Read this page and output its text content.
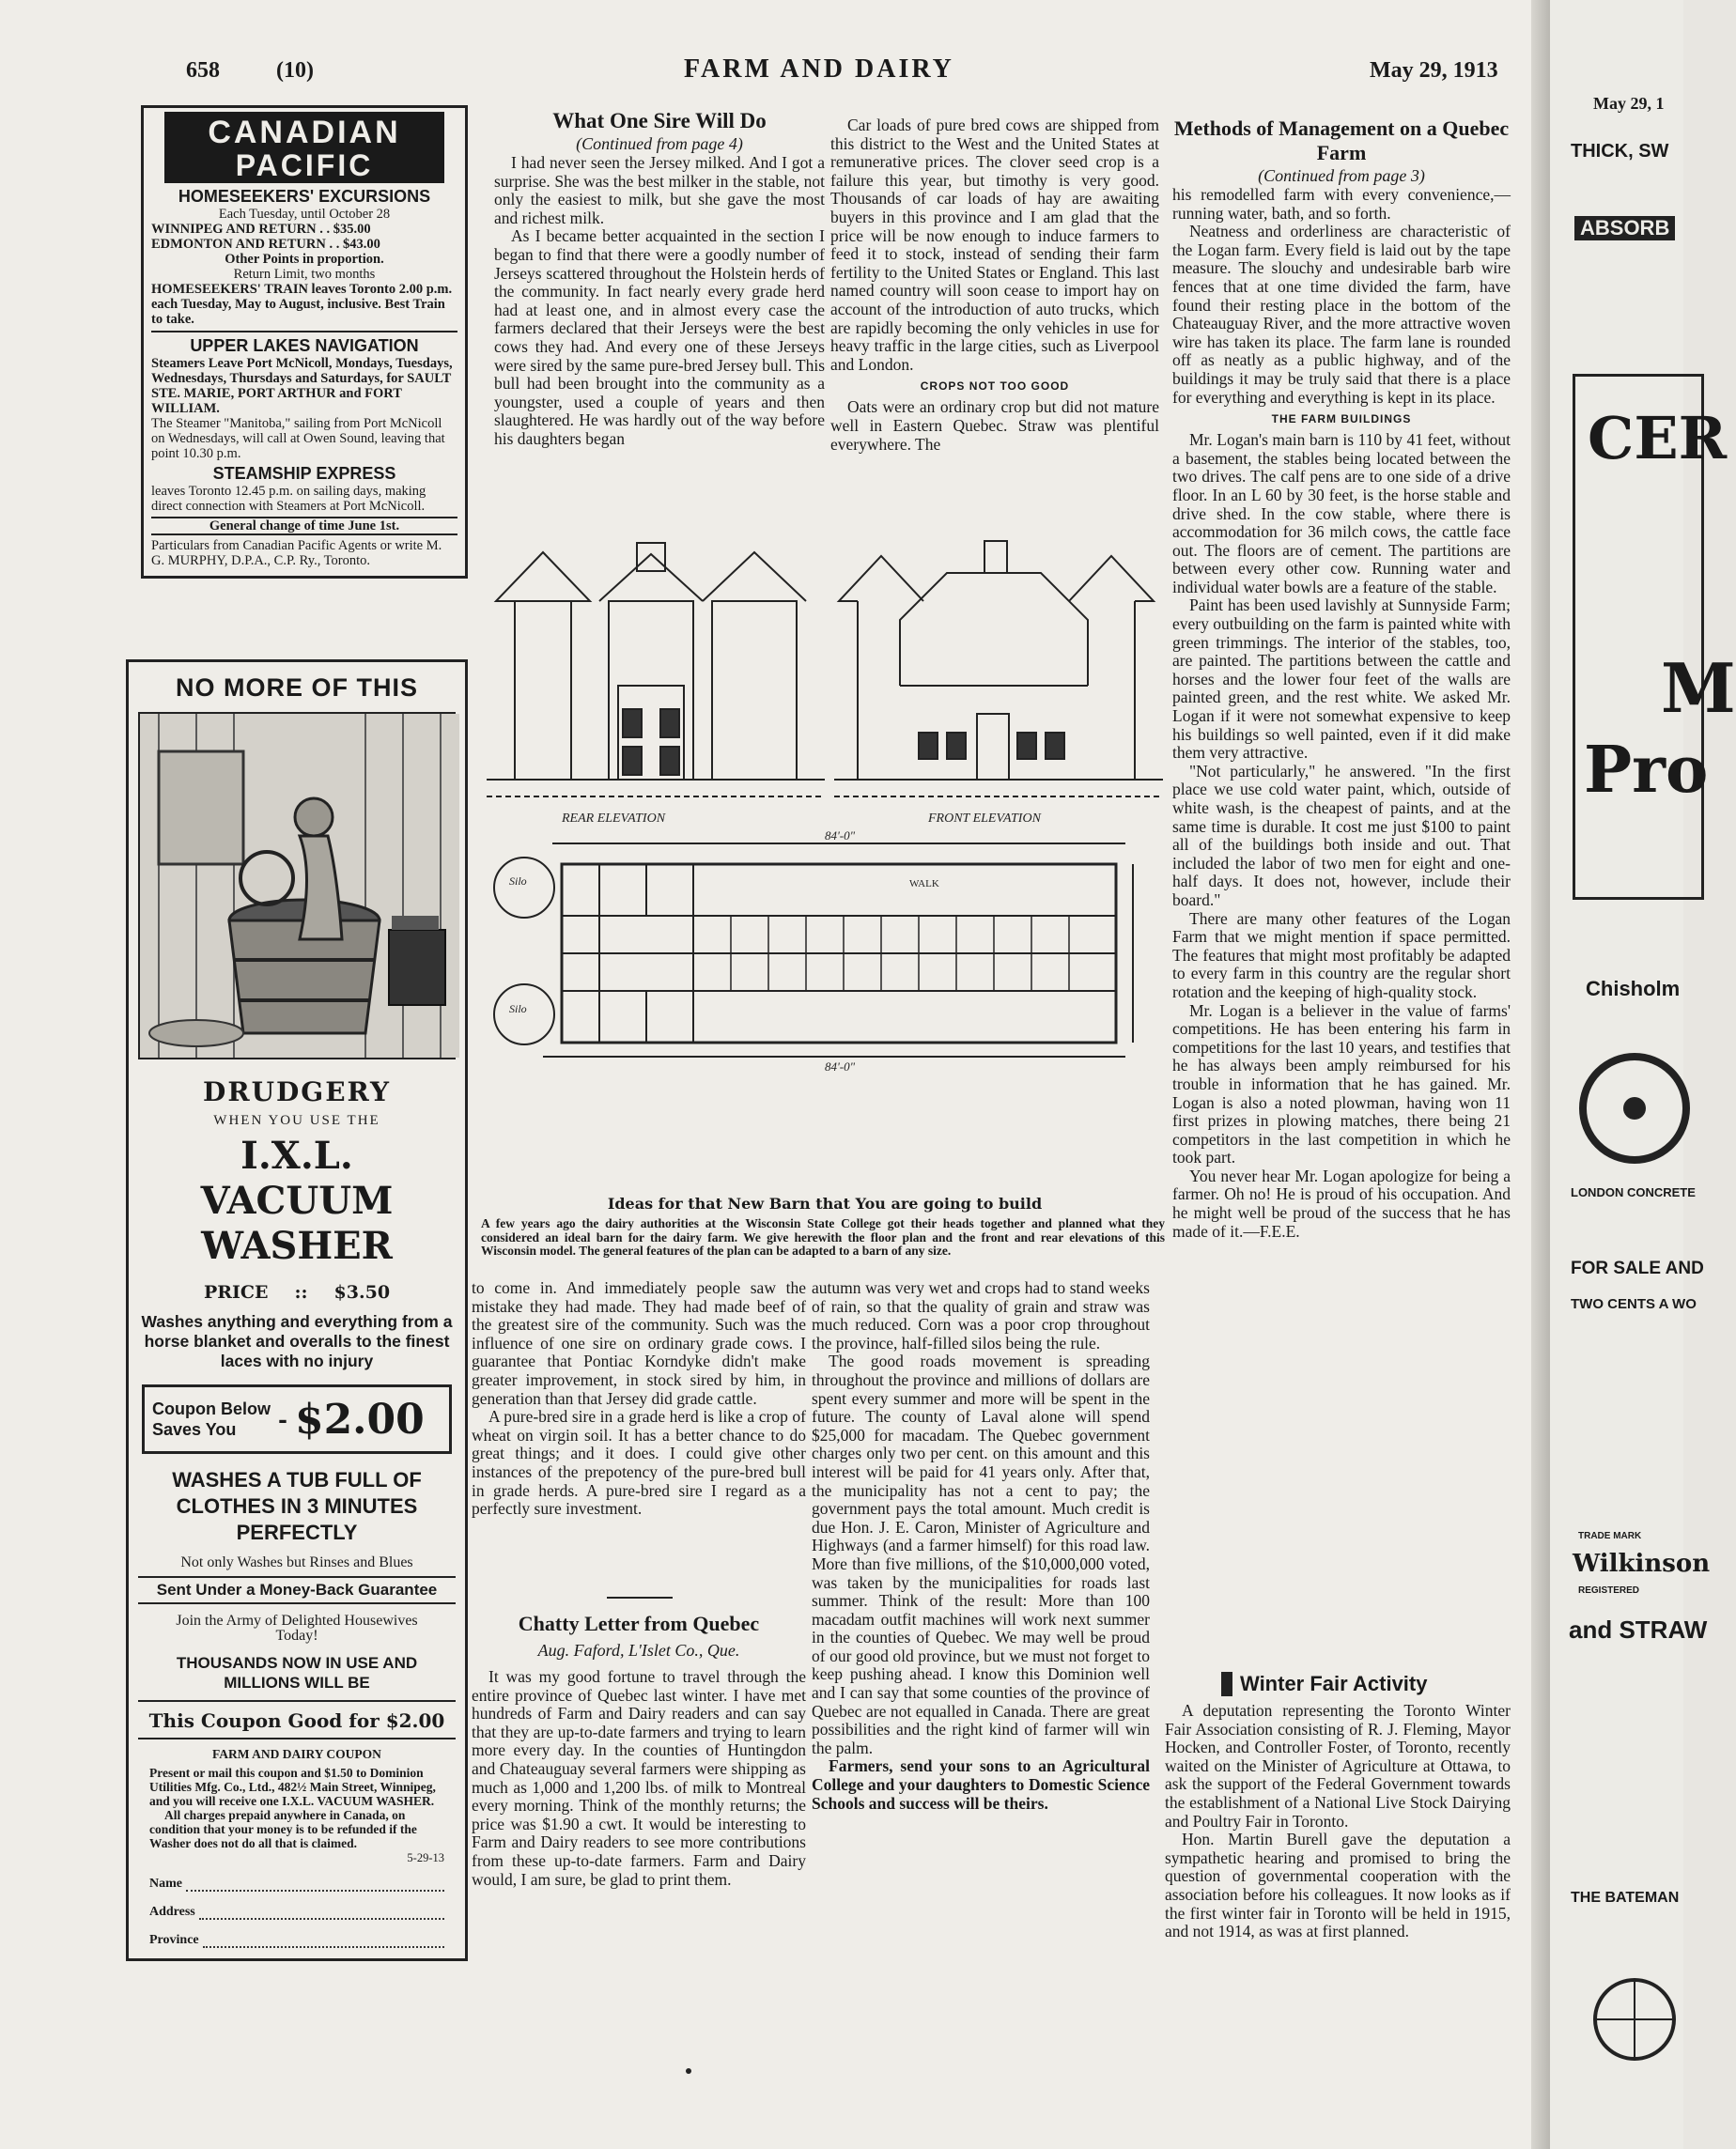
658	(10)	FARM AND DAIRY	May 29, 1913
CANADIAN
PACIFIC
HOMESEEKERS' EXCURSIONS
Each Tuesday, until October 28
WINNIPEG AND RETURN . . $35.00
EDMONTON AND RETURN . . $43.00
Other Points in proportion.
Return Limit, two months
HOMESEEKERS' TRAIN leaves Toronto 2.00 p.m. each Tuesday, May to August, inclusive. Best Train to take.
UPPER LAKES NAVIGATION
Steamers Leave Port McNicoll, Mondays, Tuesdays, Wednesdays, Thursdays and Saturdays, for SAULT STE. MARIE, PORT ARTHUR and FORT WILLIAM.
The Steamer "Manitoba," sailing from Port McNicoll on Wednesdays, will call at Owen Sound, leaving that point 10.30 p.m.
STEAMSHIP EXPRESS
leaves Toronto 12.45 p.m. on sailing days, making direct connection with Steamers at Port McNicoll.
General change of time June 1st.
Particulars from Canadian Pacific Agents or write M. G. MURPHY, D.P.A., C.P. Ry., Toronto.
NO MORE OF THIS
DRUDGERY
WHEN YOU USE THE
I.X.L. VACUUM
WASHER
PRICE :: $3.50
Washes anything and everything from a horse blanket and overalls to the finest laces with no injury
Coupon Below
Saves You	- $2.00
WASHES A TUB FULL OF CLOTHES IN 3 MINUTES PERFECTLY
Not only Washes but Rinses and Blues
Sent Under a Money-Back Guarantee
Join the Army of Delighted Housewives Today!
THOUSANDS NOW IN USE AND MILLIONS WILL BE
This Coupon Good for $2.00
FARM AND DAIRY COUPON
Present or mail this coupon and $1.50 to Dominion Utilities Mfg. Co., Ltd., 482½ Main Street, Winnipeg, and you will receive one I.X.L. VACUUM WASHER.
All charges prepaid anywhere in Canada, on condition that your money is to be refunded if the Washer does not do all that is claimed.
5-29-13
Name
Address
Province
What One Sire Will Do
(Continued from page 4)

I had never seen the Jersey milked. And I got a surprise. She was the best milker in the stable, not only the easiest to milk, but she gave the most and richest milk.

As I became better acquainted in the section I began to find that there were a goodly number of Jerseys scattered throughout the Holstein herds of the community. In fact nearly every grade herd had at least one, and in almost every case the farmers declared that their Jerseys were the best cows they had. And every one of these Jerseys were sired by the same pure-bred Jersey bull. This bull had been brought into the community as a youngster, used a couple of years and then slaughtered. He was hardly out of the way before his daughters began

Car loads of pure bred cows are shipped from this district to the West and the United States at remunerative prices. The clover seed crop is a failure this year, but timothy is very good. Thousands of car loads of hay are awaiting buyers in this province and I am glad that the price will be now enough to induce farmers to feed it to stock, instead of sending their farm fertility to the United States or England. This last named country will soon cease to import hay on account of the introduction of auto trucks, which are rapidly becoming the only vehicles in use for heavy traffic in the large cities, such as Liverpool and London.

CROPS NOT TOO GOOD

Oats were an ordinary crop but did not mature well in Eastern Quebec. Straw was plentiful everywhere. The

REAR ELEVATION	FRONT ELEVATION
84'-0"
84'-0"
Silo
Silo
WALK
Ideas for that New Barn that You are going to build
A few years ago the dairy authorities at the Wisconsin State College got their heads together and planned what they considered an ideal barn for the dairy farm. We give herewith the floor plan and the front and rear elevations of this Wisconsin model. The general features of the plan can be adapted to a barn of any size.

to come in. And immediately people saw the mistake they had made. They had made beef of the greatest sire of the community. Such was the influence of one sire on ordinary grade cows. I guarantee that Pontiac Korndyke didn't make greater improvement, in stock sired by him, in generation than that Jersey did grade cattle.

A pure-bred sire in a grade herd is like a crop of wheat on virgin soil. It has a better chance to do great things; and it does. I could give other instances of the prepotency of the pure-bred bull in grade herds. A pure-bred sire I regard as a perfectly sure investment.

Chatty Letter from Quebec
Aug. Faford, L'Islet Co., Que.

It was my good fortune to travel through the entire province of Quebec last winter. I have met hundreds of Farm and Dairy readers and can say that they are up-to-date farmers and trying to learn more every day. In the counties of Huntingdon and Chateauguay several farmers were shipping as much as 1,000 and 1,200 lbs. of milk to Montreal every morning. Think of the monthly returns; the price was $1.90 a cwt. It would be interesting to Farm and Dairy readers to see more contributions from these up-to-date farmers. Farm and Dairy would, I am sure, be glad to print them.

autumn was very wet and crops had to stand weeks of rain, so that the quality of grain and straw was much reduced. Corn was a poor crop throughout the province, half-filled silos being the rule.

The good roads movement is spreading throughout the province and millions of dollars are spent every summer and more will be spent in the future. The county of Laval alone will spend $25,000 for macadam. The Quebec government charges only two per cent. on this amount and this interest will be paid for 41 years only. After that, the municipality has not a cent to pay; the government pays the total amount. Much credit is due Hon. J. E. Caron, Minister of Agriculture and Highways (and a farmer himself) for this road law. More than five millions, of the $10,000,000 voted, was taken by the municipalities for roads last summer. Think of the result: More than 100 macadam outfit machines will work next summer in the counties of Quebec. We may well be proud of our good old province, but we must not forget to keep pushing ahead. I know this Dominion well and I can say that some counties of the province of Quebec are not equalled in Canada. There are great possibilities and the right kind of farmer will win the palm.

Farmers, send your sons to an Agricultural College and your daughters to Domestic Science Schools and success will be theirs.

Methods of Management on a Quebec Farm
(Continued from page 3)

his remodelled farm with every convenience,—running water, bath, and so forth.

Neatness and orderliness are characteristic of the Logan farm. Every field is laid out by the tape measure. The slouchy and undesirable barb wire fences that at one time divided the farm, have found their resting place in the bottom of the Chateauguay River, and the more attractive woven wire has taken its place. The farm lane is rounded off as neatly as a public highway, and of the buildings it may be truly said that there is a place for everything and everything is kept in its place.

THE FARM BUILDINGS

Mr. Logan's main barn is 110 by 41 feet, without a basement, the stables being located between the two drives. The calf pens are to one side of a drive floor. In an L 60 by 30 feet, is the horse stable and drive shed. In the cow stable, where there is accommodation for 36 milch cows, the cattle face out. The floors are of cement. The partitions are between every other cow. Running water and individual water bowls are a feature of the stable.

Paint has been used lavishly at Sunnyside Farm; every outbuilding on the farm is painted white with green trimmings. The interior of the stables, too, are painted. The partitions between the cattle and horses and the lower four feet of the walls are painted green, and the rest white. We asked Mr. Logan if it were not somewhat expensive to keep his buildings so well painted, even if it did make them very attractive.

"Not particularly," he answered. "In the first place we use cold water paint, which, outside of white wash, is the cheapest of paints, and at the same time is durable. It cost me just $100 to paint all of the buildings both inside and out. That included the labor of two men for eight and one-half days. It does not, however, include their board."

There are many other features of the Logan Farm that we might mention if space permitted. The features that might most profitably be adapted to every farm in this country are the regular short rotation and the keeping of high-quality stock.

Mr. Logan is a believer in the value of farms' competitions. He has been entering his farm in competitions for the last 10 years, and testifies that he has always been amply reimbursed for his trouble in information that he has gained. Mr. Logan is also a noted plowman, having won 11 first prizes in plowing matches, there being 21 competitors in the last competition in which he took part.

You never hear Mr. Logan apologize for being a farmer. Oh no! He is proud of his occupation. And he might well be proud of the success that he has made of it.—F.E.E.

Winter Fair Activity

A deputation representing the Toronto Winter Fair Association consisting of R. J. Fleming, Mayor Hocken, and Controller Foster, of Toronto, recently waited on the Minister of Agriculture at Ottawa, to ask the support of the Federal Government towards the establishment of a National Live Stock Dairying and Poultry Fair in Toronto.

Hon. Martin Burell gave the deputation a sympathetic hearing and promised to bring the question of governmental cooperation with the association before his colleagues. It now looks as if the first winter fair in Toronto will be held in 1915, and not 1914, as was at first planned.

May 29, 1
THICK, SW
ABSORB
CER
M
Pro
Chisholm
LONDON CONCRETE
FOR SALE AND
TWO CENTS A WO
TRADE MARK
Wilkinson
REGISTERED
and STRAW
THE BATEMAN
